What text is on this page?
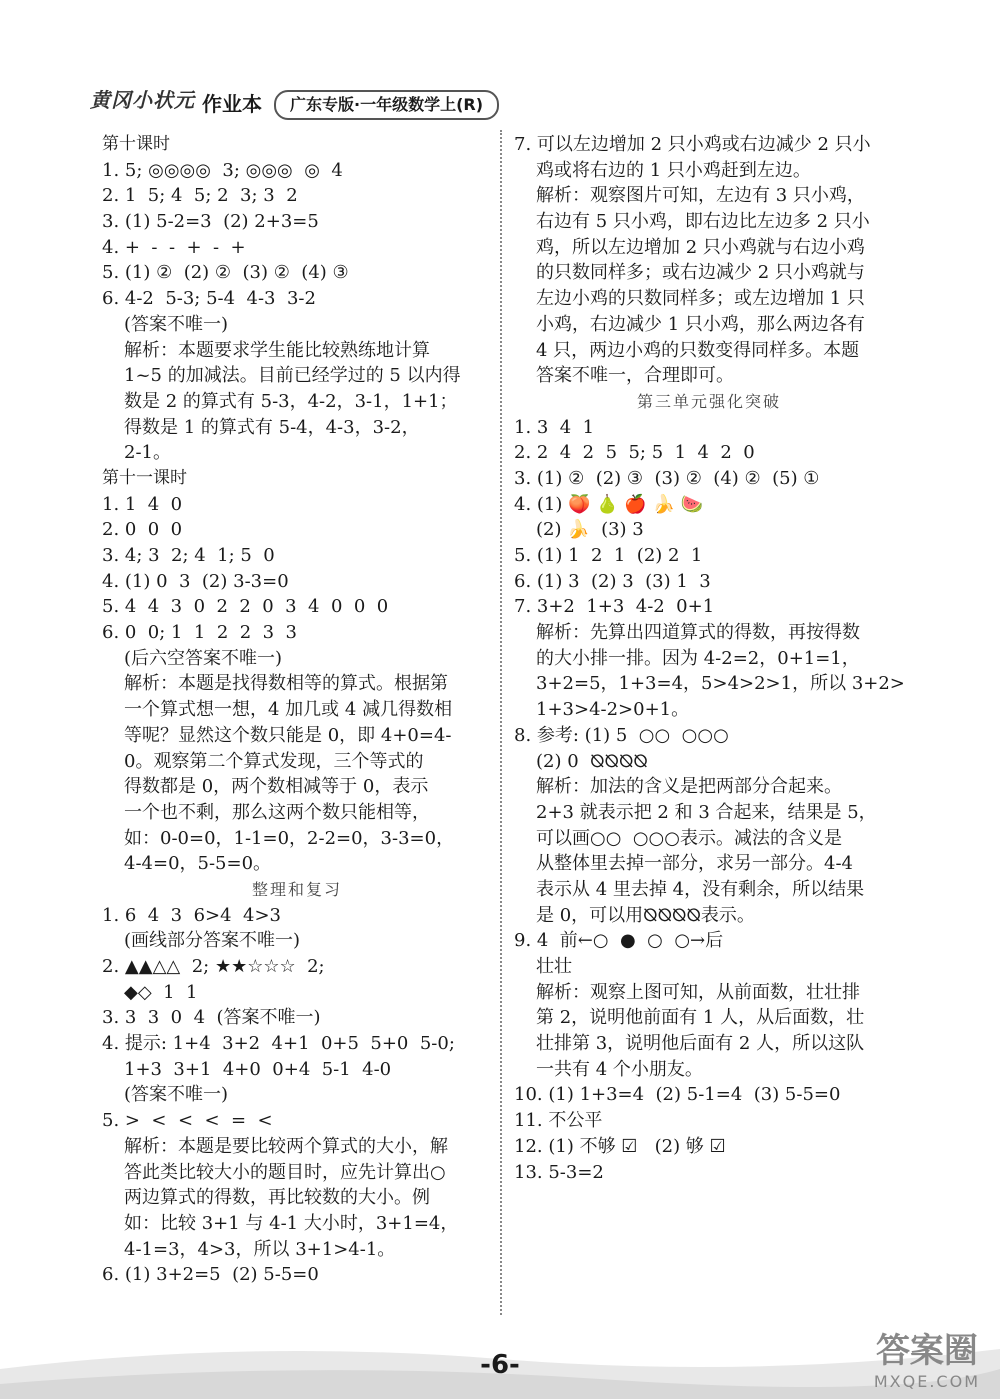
黄冈小状元 作业本	广东专版·一年级数学上(R)
第十课时
1. 5; ◎◎◎◎  3; ◎◎◎  ◎  4
2. 1  5; 4  5; 2  3; 3  2
3. (1) 5-2=3  (2) 2+3=5
4. +  -  -  +  -  +
5. (1) ②  (2) ②  (3) ②  (4) ③
6. 4-2  5-3; 5-4  4-3  3-2
(答案不唯一)
解析：本题要求学生能比较熟练地计算
1~5 的加减法。目前已经学过的 5 以内得
数是 2 的算式有 5-3，4-2，3-1，1+1；
得数是 1 的算式有 5-4，4-3，3-2，
2-1。
第十一课时
1. 1  4  0
2. 0  0  0
3. 4; 3  2; 4  1; 5  0
4. (1) 0  3  (2) 3-3=0
5. 4  4  3  0  2  2  0  3  4  0  0  0
6. 0  0; 1  1  2  2  3  3
(后六空答案不唯一)
解析：本题是找得数相等的算式。根据第
一个算式想一想，4 加几或 4 减几得数相
等呢？显然这个数只能是 0，即 4+0=4-
0。观察第二个算式发现，三个等式的
得数都是 0，两个数相减等于 0，表示
一个也不剩，那么这两个数只能相等，
如：0-0=0，1-1=0，2-2=0，3-3=0，
4-4=0，5-5=0。
整理和复习
1. 6  4  3  6>4  4>3
(画线部分答案不唯一)
2. ▲▲△△  2; ★★☆☆☆  2;
◆◇  1  1
3. 3  3  0  4  (答案不唯一)
4. 提示: 1+4  3+2  4+1  0+5  5+0  5-0;
1+3  3+1  4+0  0+4  5-1  4-0
(答案不唯一)
5. >  <  <  <  =  <
解析：本题是要比较两个算式的大小，解
答此类比较大小的题目时，应先计算出○
两边算式的得数，再比较数的大小。例
如：比较 3+1 与 4-1 大小时，3+1=4，
4-1=3，4>3，所以 3+1>4-1。
6. (1) 3+2=5  (2) 5-5=0
7. 可以左边增加 2 只小鸡或右边减少 2 只小
鸡或将右边的 1 只小鸡赶到左边。
解析：观察图片可知，左边有 3 只小鸡，
右边有 5 只小鸡，即右边比左边多 2 只小
鸡，所以左边增加 2 只小鸡就与右边小鸡
的只数同样多；或右边减少 2 只小鸡就与
左边小鸡的只数同样多；或左边增加 1 只
小鸡，右边减少 1 只小鸡，那么两边各有
4 只，两边小鸡的只数变得同样多。本题
答案不唯一，合理即可。
第三单元强化突破
1. 3  4  1
2. 2  4  2  5  5; 5  1  4  2  0
3. (1) ②  (2) ③  (3) ②  (4) ②  (5) ①
4. (1) 🍑 🍐 🍎 🍌 🍉
(2) 🍌  (3) 3
5. (1) 1  2  1  (2) 2  1
6. (1) 3  (2) 3  (3) 1  3
7. 3+2  1+3  4-2  0+1
解析：先算出四道算式的得数，再按得数
的大小排一排。因为 4-2=2，0+1=1，
3+2=5，1+3=4，5>4>2>1，所以 3+2>
1+3>4-2>0+1。
8. 参考: (1) 5  ○○  ○○○
(2) 0  ⦰⦰⦰⦰
解析：加法的含义是把两部分合起来。
2+3 就表示把 2 和 3 合起来，结果是 5，
可以画○○  ○○○表示。减法的含义是
从整体里去掉一部分，求另一部分。4-4
表示从 4 里去掉 4，没有剩余，所以结果
是 0，可以用⦰⦰⦰⦰表示。
9. 4  前←○  ●  ○  ○→后
壮壮
解析：观察上图可知，从前面数，壮壮排
第 2，说明他前面有 1 人，从后面数，壮
壮排第 3，说明他后面有 2 人，所以这队
一共有 4 个小朋友。
10. (1) 1+3=4  (2) 5-1=4  (3) 5-5=0
11. 不公平
12. (1) 不够 ☑   (2) 够 ☑
13. 5-3=2
-6-	答案圈
MXQE.COM
